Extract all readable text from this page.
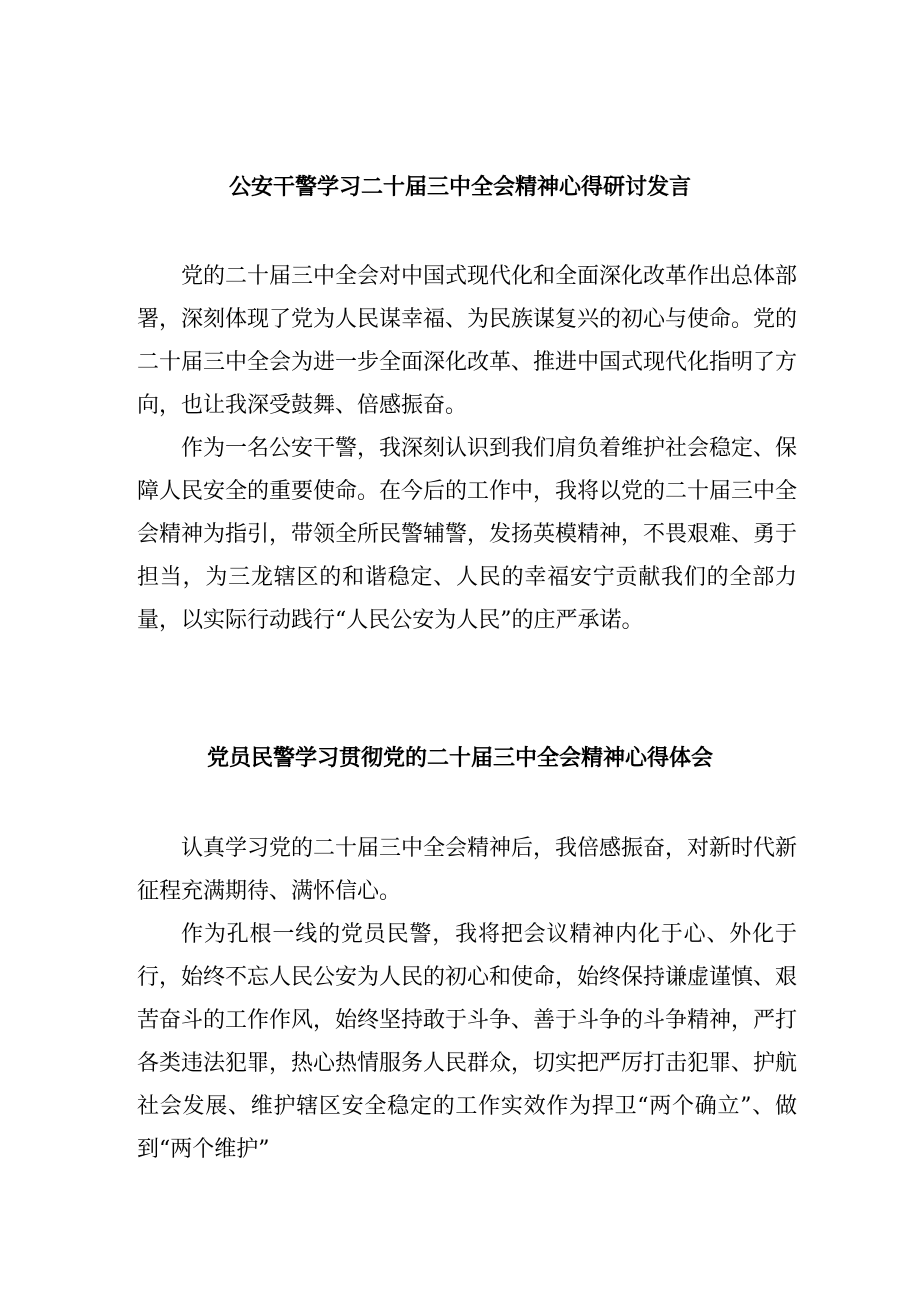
公安干警学习二十届三中全会精神心得研讨发言

党的二十届三中全会对中国式现代化和全面深化改革作出总体部署，深刻体现了党为人民谋幸福、为民族谋复兴的初心与使命。党的二十届三中全会为进一步全面深化改革、推进中国式现代化指明了方向，也让我深受鼓舞、倍感振奋。

作为一名公安干警，我深刻认识到我们肩负着维护社会稳定、保障人民安全的重要使命。在今后的工作中，我将以党的二十届三中全会精神为指引，带领全所民警辅警，发扬英模精神，不畏艰难、勇于担当，为三龙辖区的和谐稳定、人民的幸福安宁贡献我们的全部力量，以实际行动践行“人民公安为人民”的庄严承诺。

党员民警学习贯彻党的二十届三中全会精神心得体会

认真学习党的二十届三中全会精神后，我倍感振奋，对新时代新征程充满期待、满怀信心。

作为孔根一线的党员民警，我将把会议精神内化于心、外化于行，始终不忘人民公安为人民的初心和使命，始终保持谦虚谨慎、艰苦奋斗的工作作风，始终坚持敢于斗争、善于斗争的斗争精神，严打各类违法犯罪，热心热情服务人民群众，切实把严厉打击犯罪、护航社会发展、维护辖区安全稳定的工作实效作为捍卫“两个确立”、做到“两个维护”
